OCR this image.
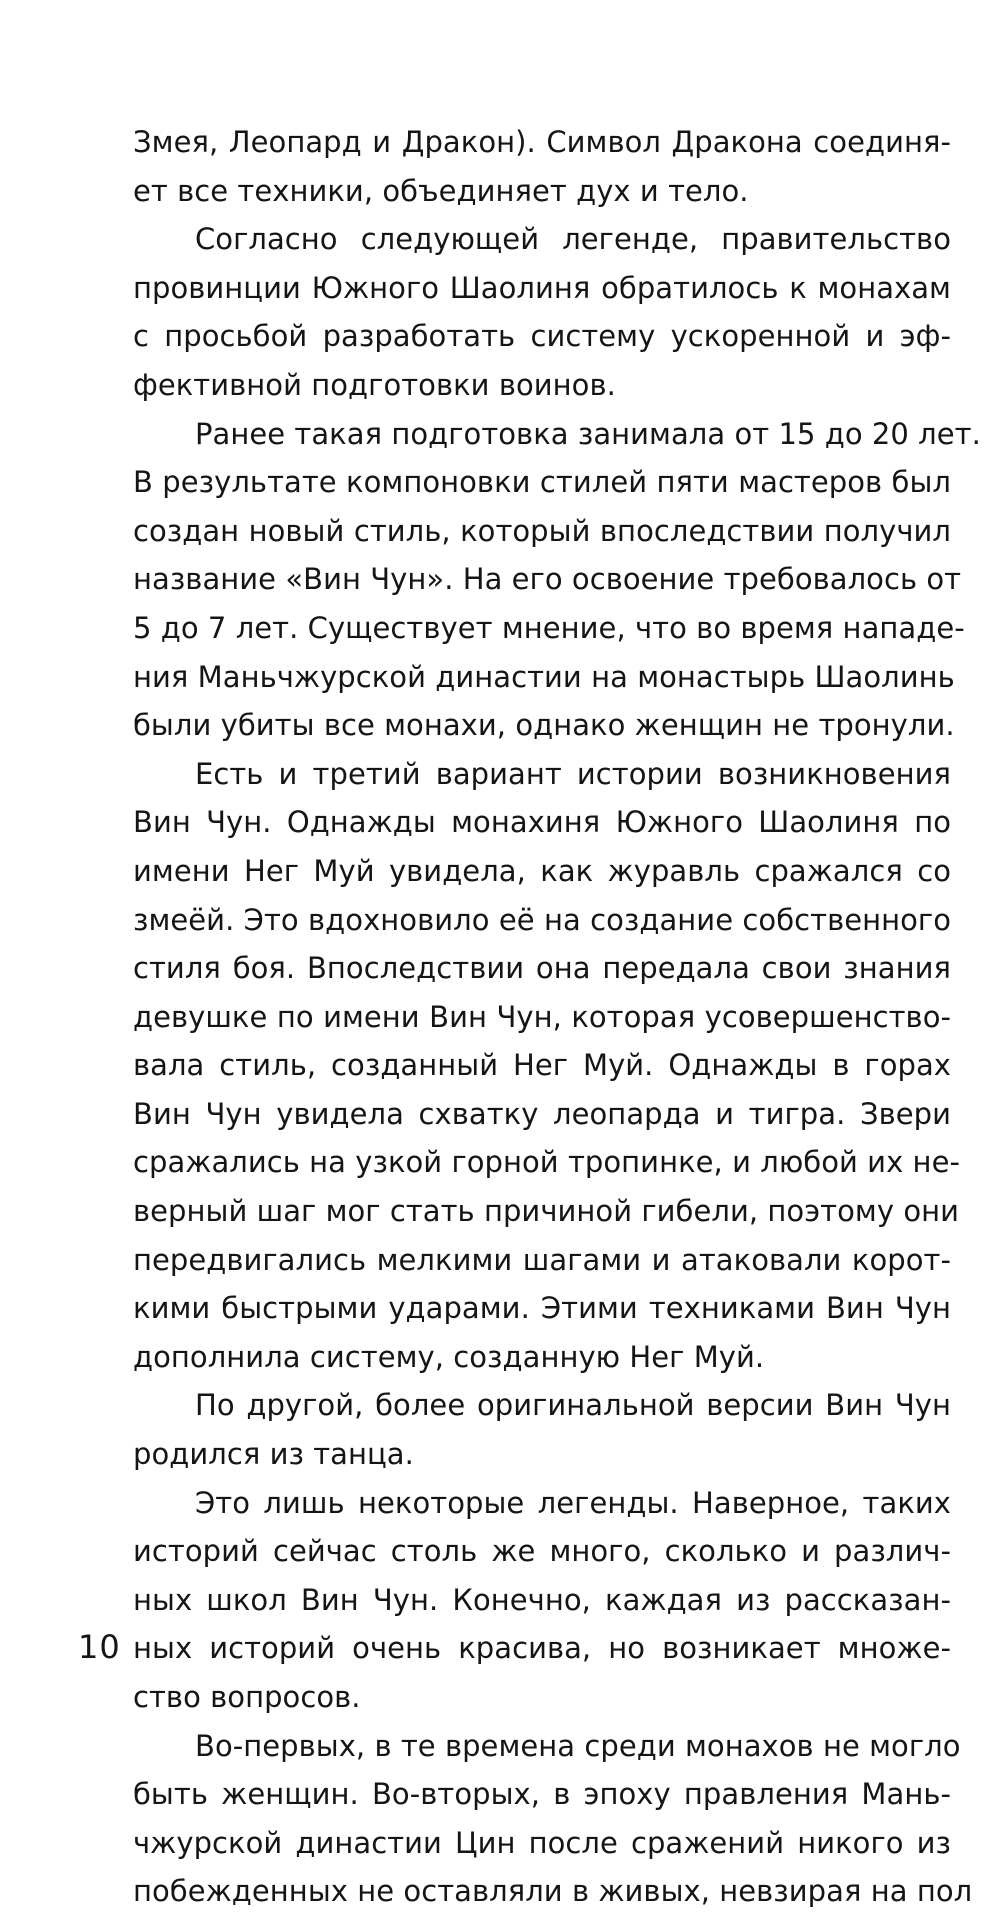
Змея, Леопард и Дракон). Символ Дракона соединя-
ет все техники, объединяет дух и тело.
Согласно следующей легенде, правительство
провинции Южного Шаолиня обратилось к монахам
с просьбой разработать систему ускоренной и эф-
фективной подготовки воинов.
Ранее такая подготовка занимала от 15 до 20 лет.
В результате компоновки стилей пяти мастеров был
создан новый стиль, который впоследствии получил
название «Вин Чун». На его освоение требовалось от
5 до 7 лет. Существует мнение, что во время нападе-
ния Маньчжурской династии на монастырь Шаолинь
были убиты все монахи, однако женщин не тронули.
Есть и третий вариант истории возникновения
Вин Чун. Однажды монахиня Южного Шаолиня по
имени Нег Муй увидела, как журавль сражался со
змеёй. Это вдохновило её на создание собственного
стиля боя. Впоследствии она передала свои знания
девушке по имени Вин Чун, которая усовершенство-
вала стиль, созданный Нег Муй. Однажды в горах
Вин Чун увидела схватку леопарда и тигра. Звери
сражались на узкой горной тропинке, и любой их не-
верный шаг мог стать причиной гибели, поэтому они
передвигались мелкими шагами и атаковали корот-
кими быстрыми ударами. Этими техниками Вин Чун
дополнила систему, созданную Нег Муй.
По другой, более оригинальной версии Вин Чун
родился из танца.
Это лишь некоторые легенды. Наверное, таких
историй сейчас столь же много, сколько и различ-
ных школ Вин Чун. Конечно, каждая из рассказан-
ных историй очень красива, но возникает множе-
ство вопросов.
Во-первых, в те времена среди монахов не могло
быть женщин. Во-вторых, в эпоху правления Мань-
чжурской династии Цин после сражений никого из
побежденных не оставляли в живых, невзирая на пол
10
